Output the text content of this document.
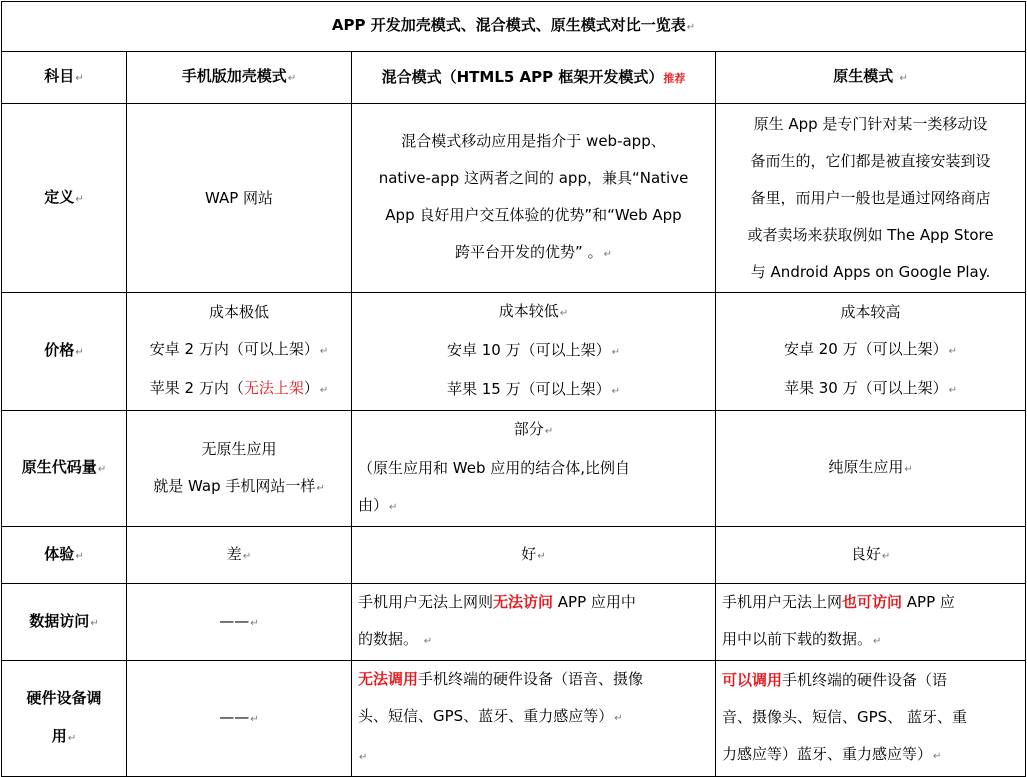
APP 开发加壳模式、混合模式、原生模式对比一览表↵			
科目↵	手机版加壳模式↵	混合模式（HTML5 APP 框架开发模式）推荐	原生模式 ↵
定义↵	WAP 网站	混合模式移动应用是指介于 web-app、
native-app 这两者之间的 app，兼具“Native
App 良好用户交互体验的优势”和“Web App
跨平台开发的优势” 。↵	原生 App 是专门针对某一类移动设
备而生的，它们都是被直接安装到设
备里，而用户一般也是通过网络商店
或者卖场来获取例如 The App Store
与 Android Apps on Google Play.

价格↵	成本极低
安卓 2 万内（可以上架）↵
苹果 2 万内（无法上架）↵	成本较低↵
安卓 10 万（可以上架）↵
苹果 15 万（可以上架）↵	成本较高
安卓 20 万（可以上架）↵
苹果 30 万（可以上架）↵

原生代码量↵	无原生应用
就是 Wap 手机网站一样↵	部分↵
（原生应用和 Web 应用的结合体,比例自
由）↵	纯原生应用↵
体验↵	差↵	好↵	良好↵
数据访问↵	——↵	手机用户无法上网则无法访问 APP 应用中
的数据。 ↵	手机用户无法上网也可访问 APP 应
用中以前下载的数据。↵

硬件设备调
用↵	——↵	无法调用手机终端的硬件设备（语音、摄像
头、短信、GPS、蓝牙、重力感应等）↵
↵	可以调用手机终端的硬件设备（语
音、摄像头、短信、GPS、 蓝牙、重
力感应等）蓝牙、重力感应等）↵
